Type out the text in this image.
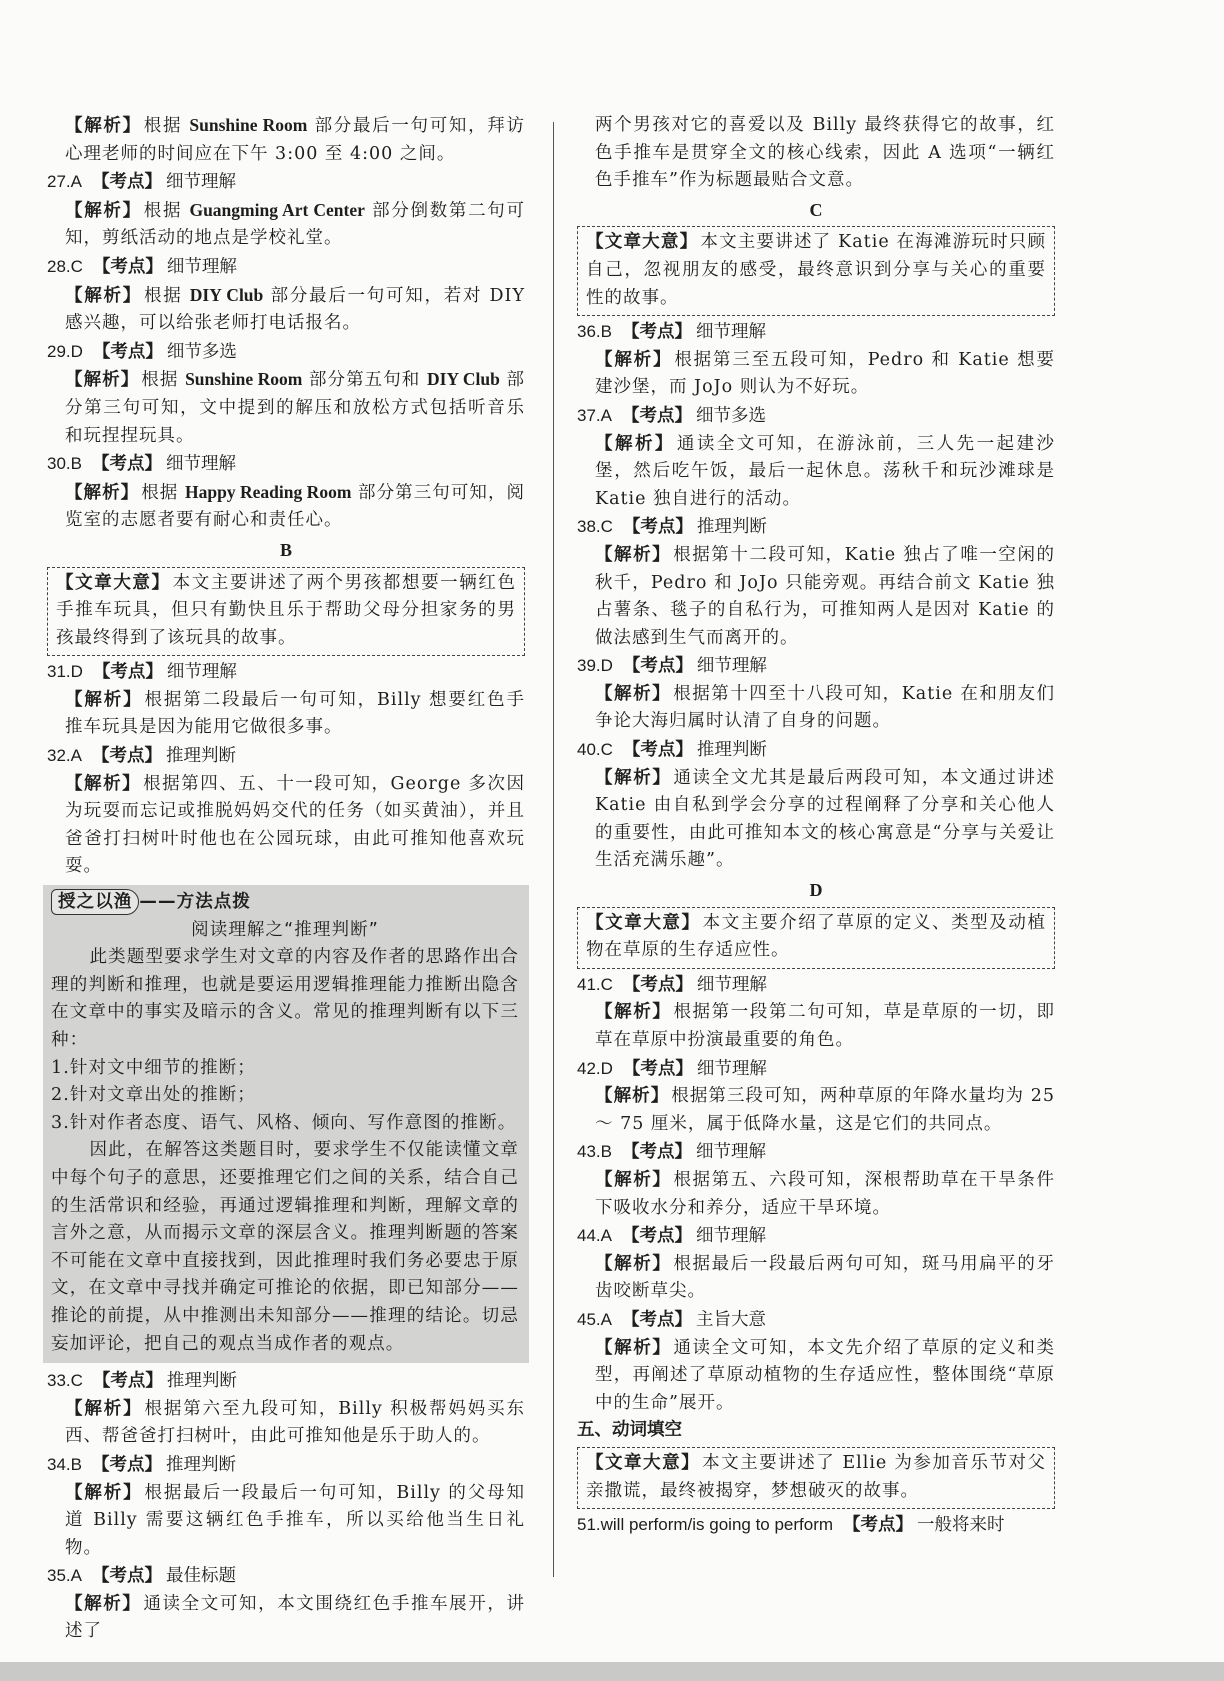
【解析】 根据 Sunshine Room 部分最后一句可知，拜访心理老师的时间应在下午 3:00 至 4:00 之间。
27.A 【考点】 细节理解
【解析】 根据 Guangming Art Center 部分倒数第二句可知，剪纸活动的地点是学校礼堂。
28.C 【考点】 细节理解
【解析】 根据 DIY Club 部分最后一句可知，若对 DIY 感兴趣，可以给张老师打电话报名。
29.D 【考点】 细节多选
【解析】 根据 Sunshine Room 部分第五句和 DIY Club 部分第三句可知，文中提到的解压和放松方式包括听音乐和玩捏捏玩具。
30.B 【考点】 细节理解
【解析】 根据 Happy Reading Room 部分第三句可知，阅览室的志愿者要有耐心和责任心。
B
【文章大意】 本文主要讲述了两个男孩都想要一辆红色手推车玩具，但只有勤快且乐于帮助父母分担家务的男孩最终得到了该玩具的故事。
31.D 【考点】 细节理解
【解析】 根据第二段最后一句可知，Billy 想要红色手推车玩具是因为能用它做很多事。
32.A 【考点】 推理判断
【解析】 根据第四、五、十一段可知，George 多次因为玩耍而忘记或推脱妈妈交代的任务（如买黄油），并且爸爸打扫树叶时他也在公园玩球，由此可推知他喜欢玩耍。
授之以渔 ——方法点拨
阅读理解之“推理判断”

此类题型要求学生对文章的内容及作者的思路作出合理的判断和推理，也就是要运用逻辑推理能力推断出隐含在文章中的事实及暗示的含义。常见的推理判断有以下三种：

1.针对文中细节的推断；

2.针对文章出处的推断；

3.针对作者态度、语气、风格、倾向、写作意图的推断。

因此，在解答这类题目时，要求学生不仅能读懂文章中每个句子的意思，还要推理它们之间的关系，结合自己的生活常识和经验，再通过逻辑推理和判断，理解文章的言外之意，从而揭示文章的深层含义。推理判断题的答案不可能在文章中直接找到，因此推理时我们务必要忠于原文，在文章中寻找并确定可推论的依据，即已知部分——推论的前提，从中推测出未知部分——推理的结论。切忌妄加评论，把自己的观点当成作者的观点。

33.C 【考点】 推理判断
【解析】 根据第六至九段可知，Billy 积极帮妈妈买东西、帮爸爸打扫树叶，由此可推知他是乐于助人的。
34.B 【考点】 推理判断
【解析】 根据最后一段最后一句可知，Billy 的父母知道 Billy 需要这辆红色手推车，所以买给他当生日礼物。
35.A 【考点】 最佳标题
【解析】 通读全文可知，本文围绕红色手推车展开，讲述了
两个男孩对它的喜爱以及 Billy 最终获得它的故事，红色手推车是贯穿全文的核心线索，因此 A 选项“一辆红色手推车”作为标题最贴合文意。
C
【文章大意】 本文主要讲述了 Katie 在海滩游玩时只顾自己，忽视朋友的感受，最终意识到分享与关心的重要性的故事。
36.B 【考点】 细节理解
【解析】 根据第三至五段可知，Pedro 和 Katie 想要建沙堡，而 JoJo 则认为不好玩。
37.A 【考点】 细节多选
【解析】 通读全文可知，在游泳前，三人先一起建沙堡，然后吃午饭，最后一起休息。荡秋千和玩沙滩球是 Katie 独自进行的活动。
38.C 【考点】 推理判断
【解析】 根据第十二段可知，Katie 独占了唯一空闲的秋千，Pedro 和 JoJo 只能旁观。再结合前文 Katie 独占薯条、毯子的自私行为，可推知两人是因对 Katie 的做法感到生气而离开的。
39.D 【考点】 细节理解
【解析】 根据第十四至十八段可知，Katie 在和朋友们争论大海归属时认清了自身的问题。
40.C 【考点】 推理判断
【解析】 通读全文尤其是最后两段可知，本文通过讲述 Katie 由自私到学会分享的过程阐释了分享和关心他人的重要性，由此可推知本文的核心寓意是“分享与关爱让生活充满乐趣”。
D
【文章大意】 本文主要介绍了草原的定义、类型及动植物在草原的生存适应性。
41.C 【考点】 细节理解
【解析】 根据第一段第二句可知，草是草原的一切，即草在草原中扮演最重要的角色。
42.D 【考点】 细节理解
【解析】 根据第三段可知，两种草原的年降水量均为 25 ～ 75 厘米，属于低降水量，这是它们的共同点。
43.B 【考点】 细节理解
【解析】 根据第五、六段可知，深根帮助草在干旱条件下吸收水分和养分，适应干旱环境。
44.A 【考点】 细节理解
【解析】 根据最后一段最后两句可知，斑马用扁平的牙齿咬断草尖。
45.A 【考点】 主旨大意
【解析】 通读全文可知，本文先介绍了草原的定义和类型，再阐述了草原动植物的生存适应性，整体围绕“草原中的生命”展开。
五、动词填空
【文章大意】 本文主要讲述了 Ellie 为参加音乐节对父亲撒谎，最终被揭穿，梦想破灭的故事。
51.will perform/is going to perform 【考点】 一般将来时
